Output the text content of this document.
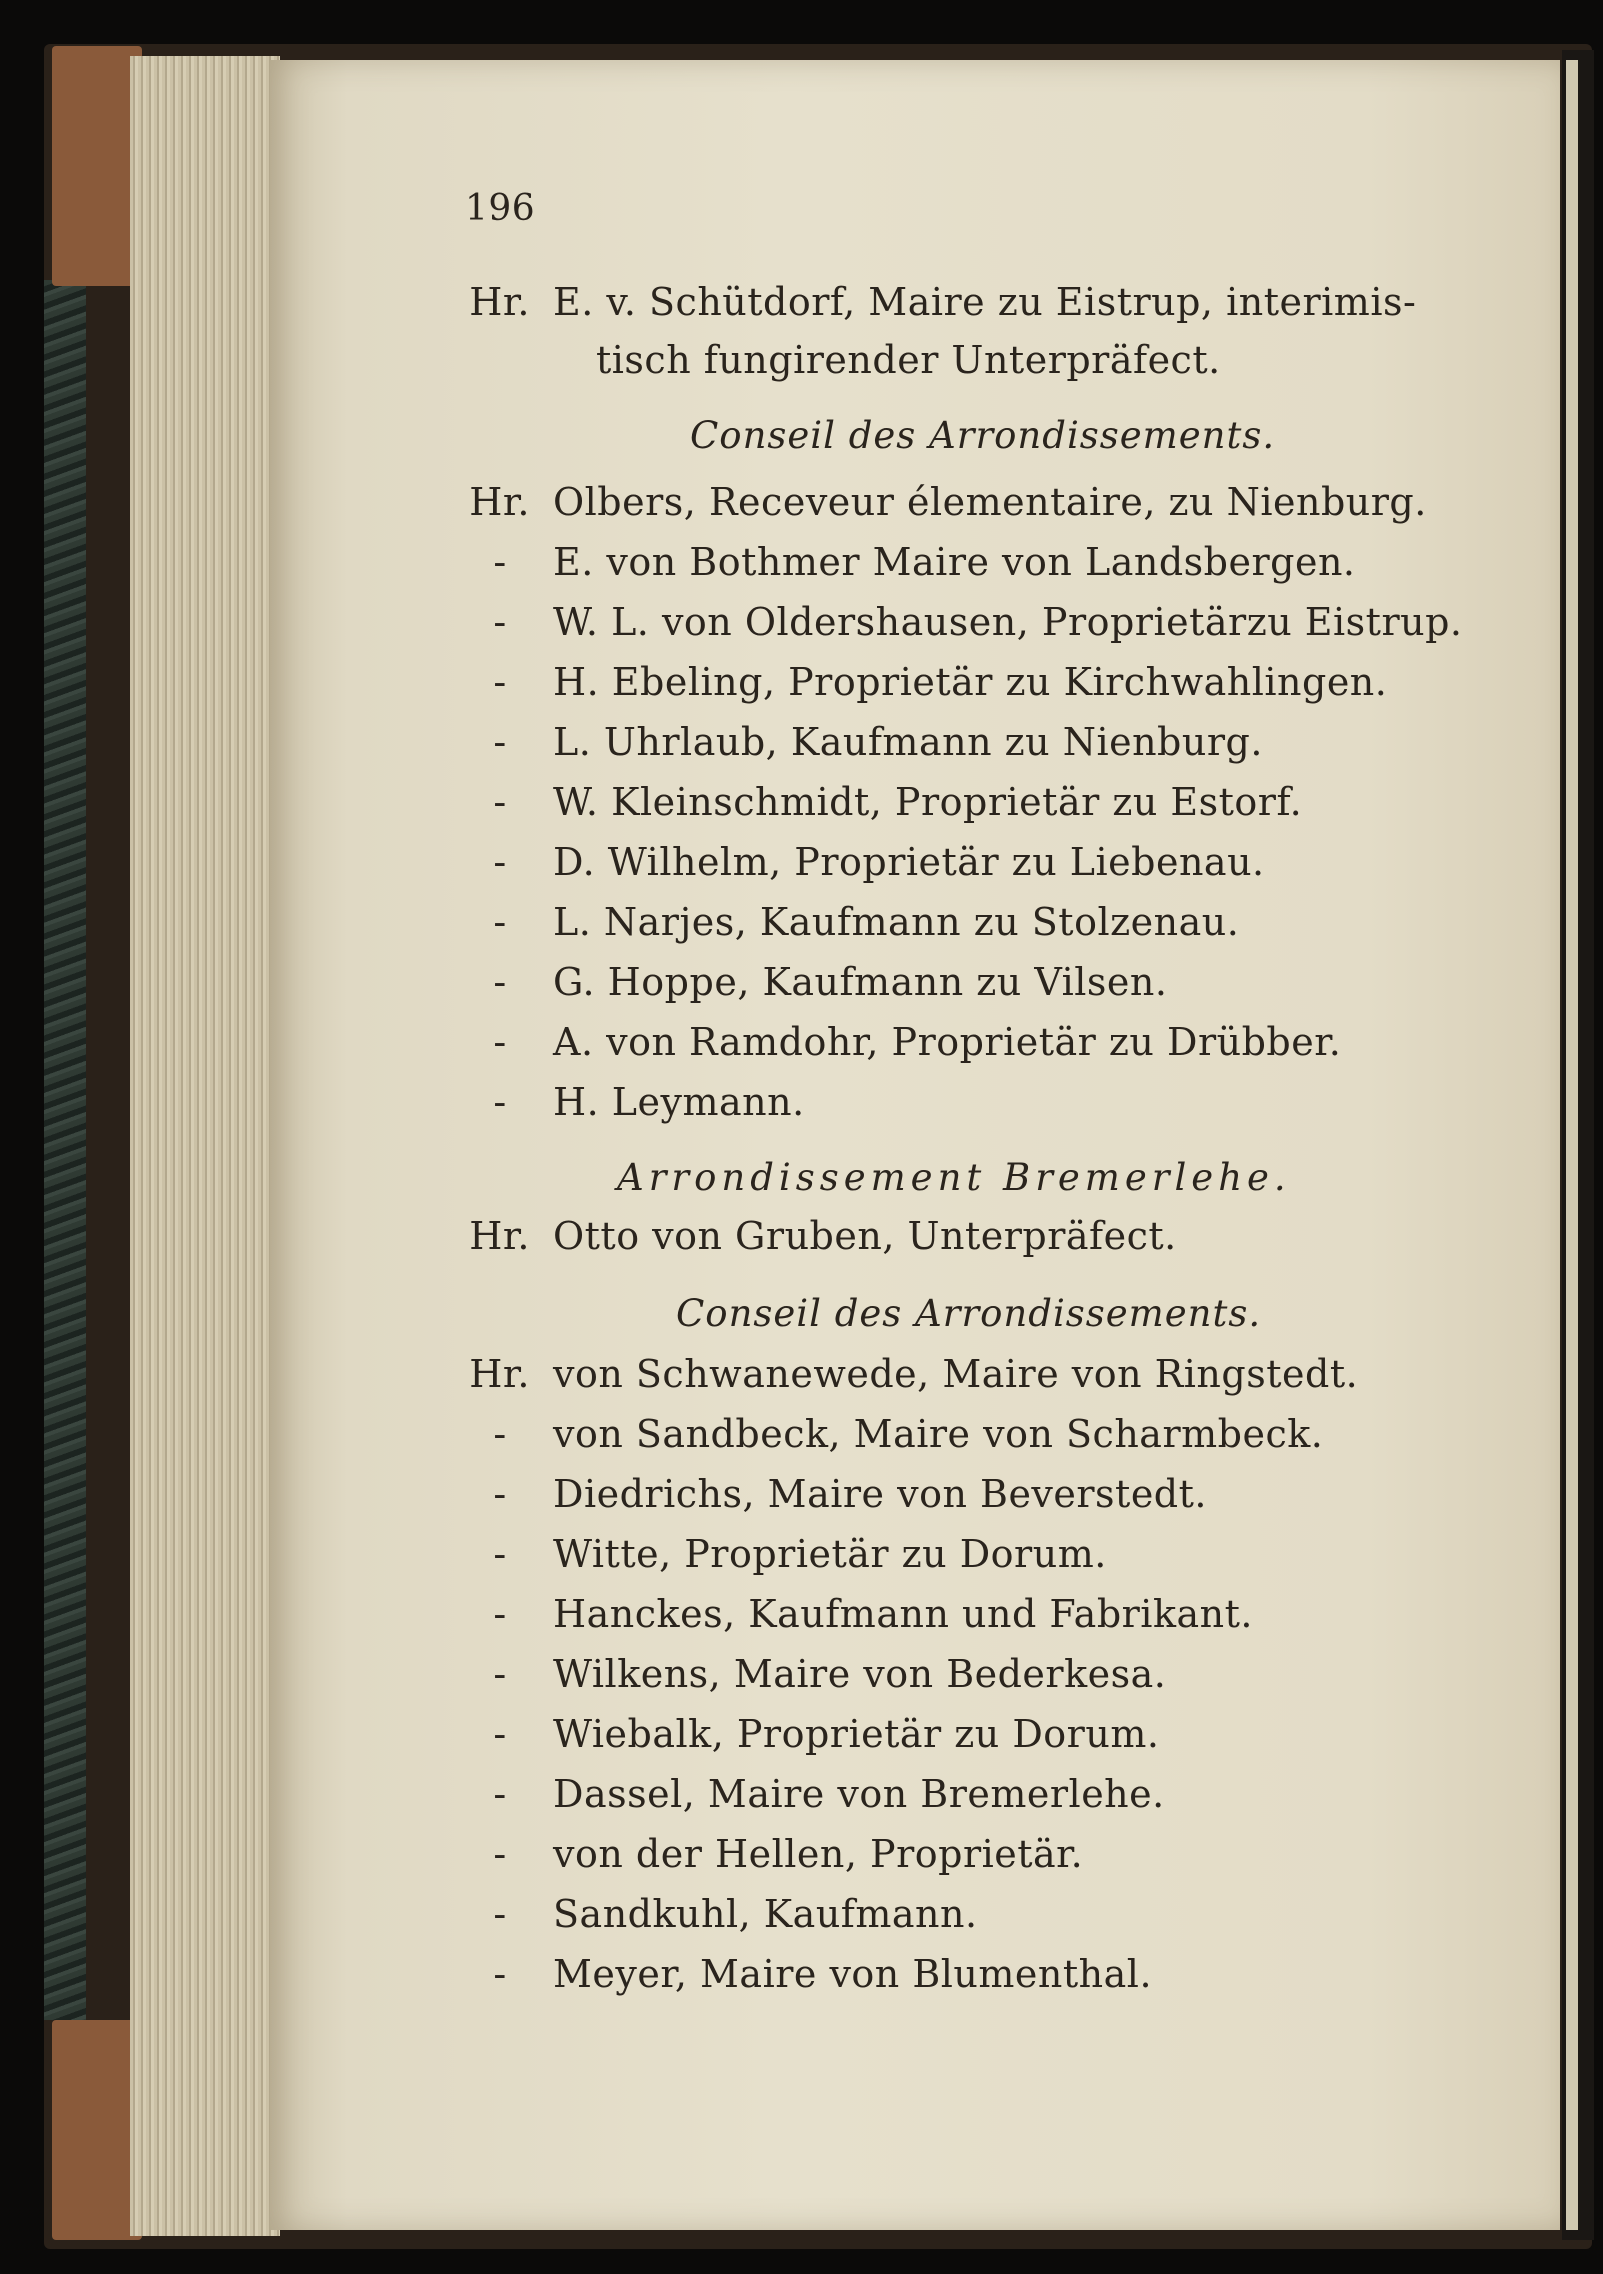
196
Hr. E. v. Schütdorf, Maire zu Eistrup, interimis-
tisch fungirender Unterpräfect.
Conseil des Arrondissements.
Hr. Olbers, Receveur élementaire, zu Nienburg.
-	E. von Bothmer Maire von Landsbergen.
-	W. L. von Oldershausen, Proprietärzu Eistrup.
-	H. Ebeling, Proprietär zu Kirchwahlingen.
-	L. Uhrlaub, Kaufmann zu Nienburg.
-	W. Kleinschmidt, Proprietär zu Estorf.
-	D. Wilhelm, Proprietär zu Liebenau.
-	L. Narjes, Kaufmann zu Stolzenau.
-	G. Hoppe, Kaufmann zu Vilsen.
-	A. von Ramdohr, Proprietär zu Drübber.
-	H. Leymann.
Arrondissement Bremerlehe.
Hr. Otto von Gruben, Unterpräfect.
Conseil des Arrondissements.
Hr. von Schwanewede, Maire von Ringstedt.
-	von Sandbeck, Maire von Scharmbeck.
-	Diedrichs, Maire von Beverstedt.
-	Witte, Proprietär zu Dorum.
-	Hanckes, Kaufmann und Fabrikant.
-	Wilkens, Maire von Bederkesa.
-	Wiebalk, Proprietär zu Dorum.
-	Dassel, Maire von Bremerlehe.
-	von der Hellen, Proprietär.
-	Sandkuhl, Kaufmann.
-	Meyer, Maire von Blumenthal.
